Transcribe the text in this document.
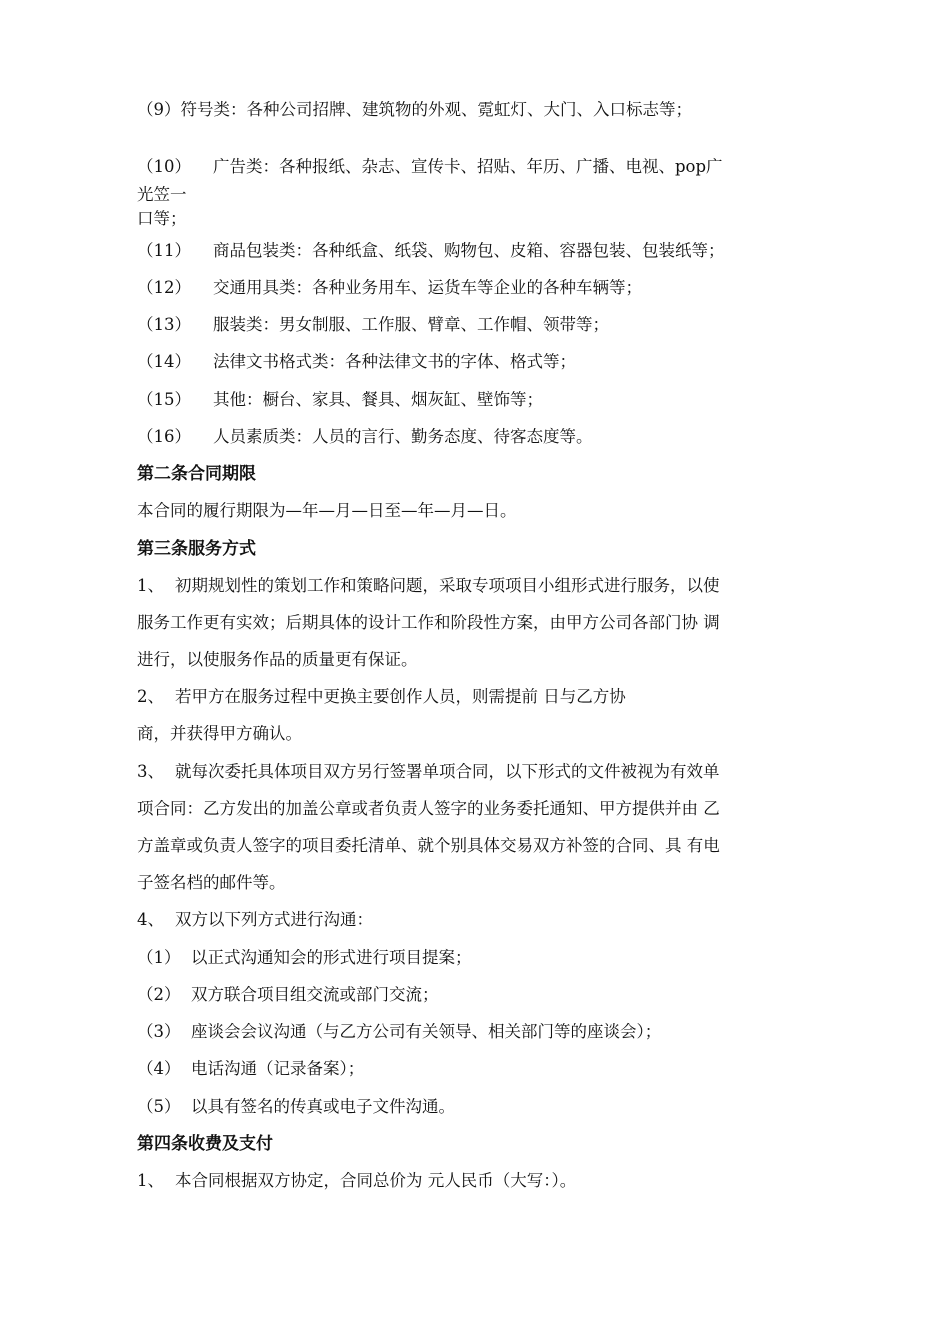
（9）符号类：各种公司招牌、建筑物的外观、霓虹灯、大门、入口标志等；
（10） 广告类：各种报纸、杂志、宣传卡、招贴、年历、广播、电视、pop广
光笠一
口等；
（11） 商品包装类：各种纸盒、纸袋、购物包、皮箱、容器包装、包装纸等；
（12） 交通用具类：各种业务用车、运货车等企业的各种车辆等；
（13） 服装类：男女制服、工作服、臂章、工作帽、领带等；
（14） 法律文书格式类：各种法律文书的字体、格式等；
（15） 其他：橱台、家具、餐具、烟灰缸、壁饰等；
（16） 人员素质类：人员的言行、勤务态度、待客态度等。
第二条合同期限
本合同的履行期限为—年—月—日至—年—月—日。
第三条服务方式
1、 初期规划性的策划工作和策略问题，采取专项项目小组形式进行服务，以使
服务工作更有实效；后期具体的设计工作和阶段性方案，由甲方公司各部门协 调
进行，以使服务作品的质量更有保证。
2、 若甲方在服务过程中更换主要创作人员，则需提前 日与乙方协
商，并获得甲方确认。
3、 就每次委托具体项目双方另行签署单项合同，以下形式的文件被视为有效单
项合同：乙方发出的加盖公章或者负责人签字的业务委托通知、甲方提供并由 乙
方盖章或负责人签字的项目委托清单、就个别具体交易双方补签的合同、具 有电
子签名档的邮件等。
4、 双方以下列方式进行沟通：
（1） 以正式沟通知会的形式进行项目提案；
（2） 双方联合项目组交流或部门交流；
（3） 座谈会会议沟通（与乙方公司有关领导、相关部门等的座谈会）；
（4） 电话沟通（记录备案）；
（5） 以具有签名的传真或电子文件沟通。
第四条收费及支付
1、 本合同根据双方协定，合同总价为 元人民币（大写：）。
